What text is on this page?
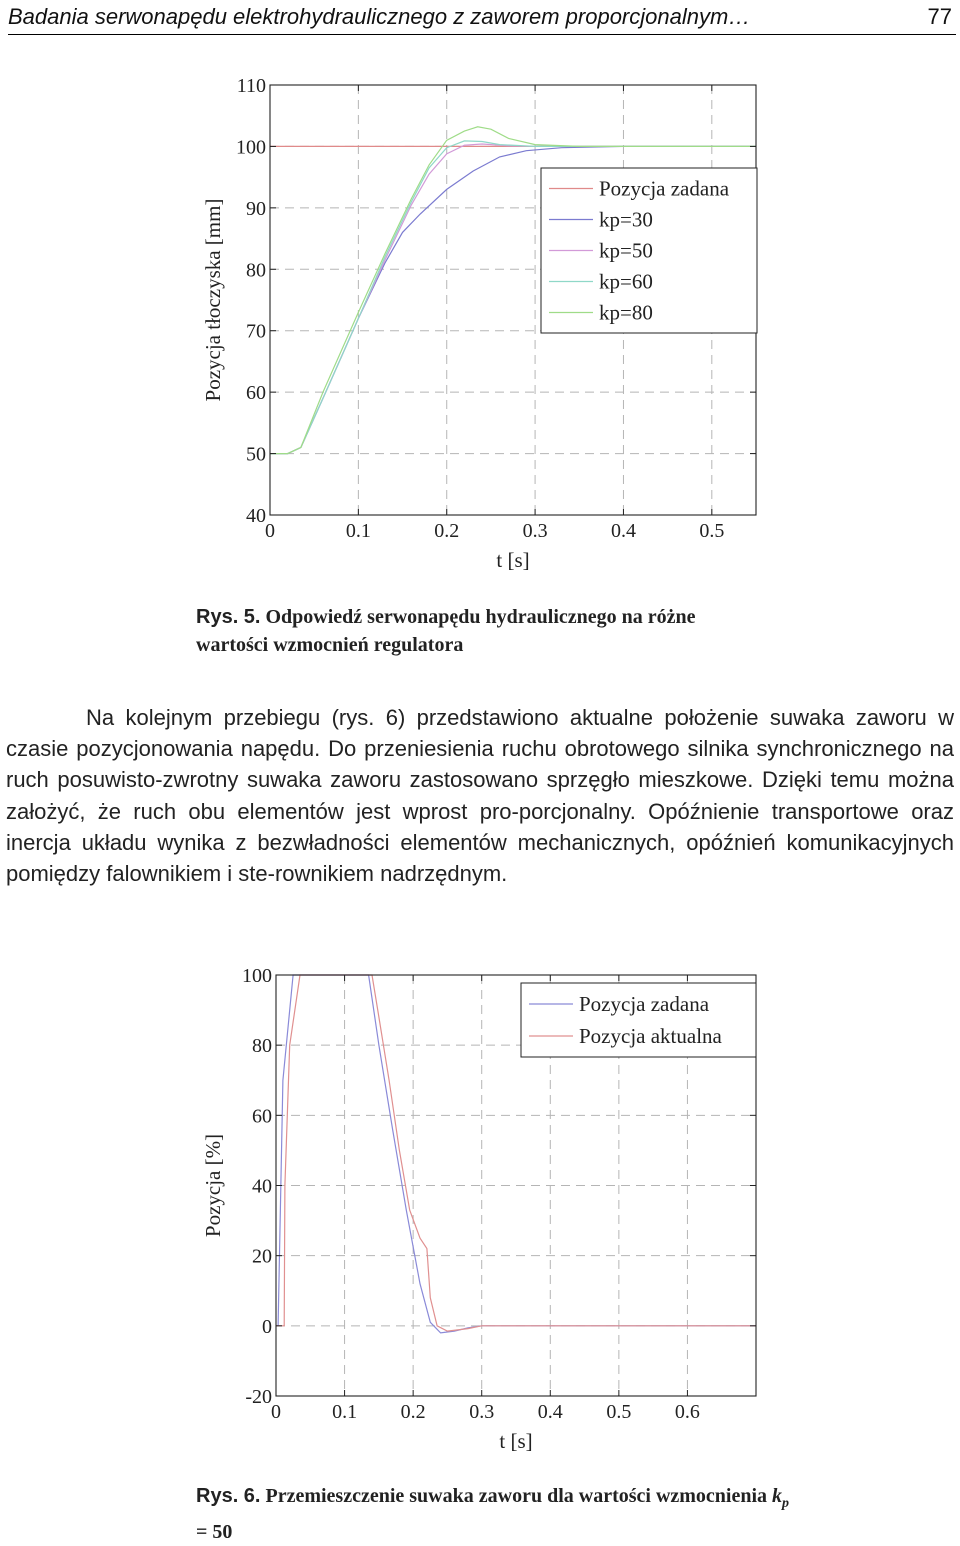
Badania serwonapędu elektrohydraulicznego z zaworem proporcjonalnym…	77
0	0.1	0.2	0.3	0.4	0.5
40
50
60
70
80
90
100
110
t [s]
Pozycja tłoczyska [mm]
Pozycja zadana
kp=30
kp=50
kp=60
kp=80
Rys. 5. Odpowiedź serwonapędu hydraulicznego na różne wartości wzmocnień regulatora

Na kolejnym przebiegu (rys. 6) przedstawiono aktualne położenie suwaka zaworu w czasie pozycjonowania napędu. Do przeniesienia ruchu obrotowego silnika synchronicznego na ruch posuwisto-zwrotny suwaka zaworu zastosowano sprzęgło mieszkowe. Dzięki temu można założyć, że ruch obu elementów jest wprost pro-porcjonalny. Opóźnienie transportowe oraz inercja układu wynika z bezwładności elementów mechanicznych, opóźnień komunikacyjnych pomiędzy falownikiem i ste-rownikiem nadrzędnym.

0	0.1 0.2 0.3 0.4 0.5 0.6
-20
0
20
40
60
80
100
t [s]
Pozycja [%]
Pozycja zadana
Pozycja aktualna
Rys. 6. Przemieszczenie suwaka zaworu dla wartości wzmocnienia $k_p = 50$
